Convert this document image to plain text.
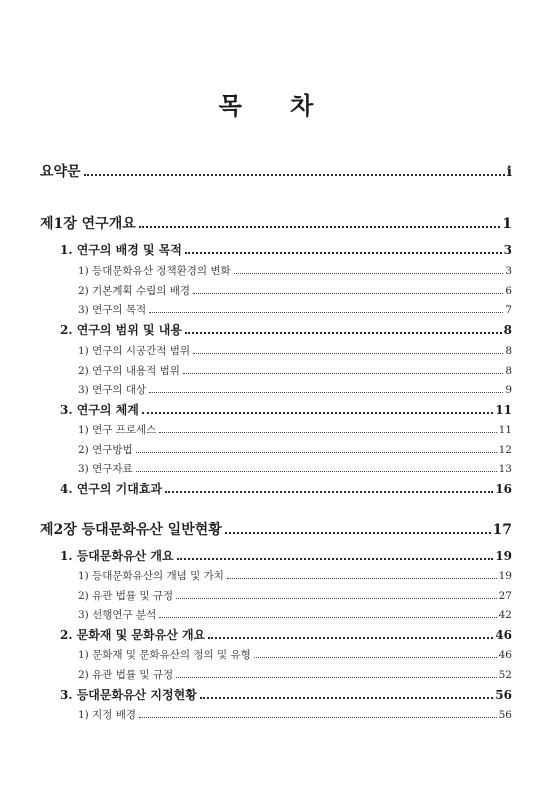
목 차
요약문	i
제1장 연구개요	1
1. 연구의 배경 및 목적	3
1) 등대문화유산 정책환경의 변화	3
2) 기본계획 수립의 배경	6
3) 연구의 목적	7
2. 연구의 범위 및 내용	8
1) 연구의 시공간적 범위	8
2) 연구의 내용적 범위	8
3) 연구의 대상	9
3. 연구의 체계	11
1) 연구 프로세스	11
2) 연구방법	12
3) 연구자료	13
4. 연구의 기대효과	16
제2장 등대문화유산 일반현황	17
1. 등대문화유산 개요	19
1) 등대문화유산의 개념 및 가치	19
2) 유관 법률 및 규정	27
3) 선행연구 분석	42
2. 문화재 및 문화유산 개요	46
1) 문화재 및 문화유산의 정의 및 유형	46
2) 유관 법률 및 규정	52
3. 등대문화유산 지정현황	56
1) 지정 배경	56
